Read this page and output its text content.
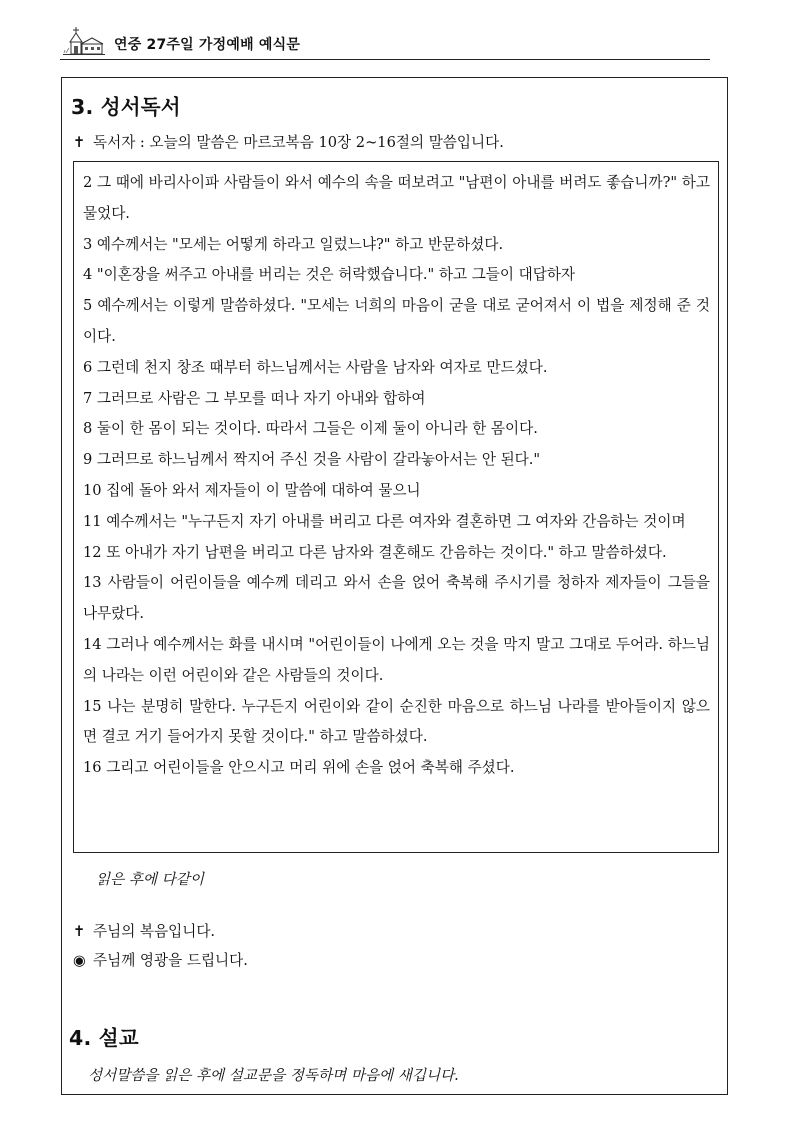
연중 27주일 가정예배 예식문
3. 성서독서
✝ 독서자 : 오늘의 말씀은 마르코복음 10장 2~16절의 말씀입니다.

2 그 때에 바리사이파 사람들이 와서 예수의 속을 떠보려고 "남편이 아내를 버려도 좋습니까?" 하고 물었다.

3 예수께서는 "모세는 어떻게 하라고 일렀느냐?" 하고 반문하셨다.

4 "이혼장을 써주고 아내를 버리는 것은 허락했습니다." 하고 그들이 대답하자

5 예수께서는 이렇게 말씀하셨다. "모세는 너희의 마음이 굳을 대로 굳어져서 이 법을 제정해 준 것이다.

6 그런데 천지 창조 때부터 하느님께서는 사람을 남자와 여자로 만드셨다.

7 그러므로 사람은 그 부모를 떠나 자기 아내와 합하여

8 둘이 한 몸이 되는 것이다. 따라서 그들은 이제 둘이 아니라 한 몸이다.

9 그러므로 하느님께서 짝지어 주신 것을 사람이 갈라놓아서는 안 된다."

10 집에 돌아 와서 제자들이 이 말씀에 대하여 물으니

11 예수께서는 "누구든지 자기 아내를 버리고 다른 여자와 결혼하면 그 여자와 간음하는 것이며

12 또 아내가 자기 남편을 버리고 다른 남자와 결혼해도 간음하는 것이다." 하고 말씀하셨다.

13 사람들이 어린이들을 예수께 데리고 와서 손을 얹어 축복해 주시기를 청하자 제자들이 그들을 나무랐다.

14 그러나 예수께서는 화를 내시며 "어린이들이 나에게 오는 것을 막지 말고 그대로 두어라. 하느님의 나라는 이런 어린이와 같은 사람들의 것이다.

15 나는 분명히 말한다. 누구든지 어린이와 같이 순진한 마음으로 하느님 나라를 받아들이지 않으면 결코 거기 들어가지 못할 것이다." 하고 말씀하셨다.

16 그리고 어린이들을 안으시고 머리 위에 손을 얹어 축복해 주셨다.

읽은 후에 다같이
✝ 주님의 복음입니다.
◉ 주님께 영광을 드립니다.
4. 설교
성서말씀을 읽은 후에 설교문을 정독하며 마음에 새깁니다.
